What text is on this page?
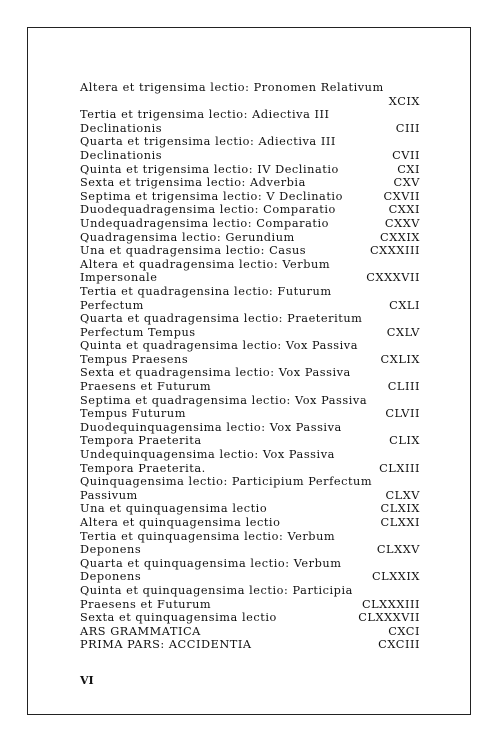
Altera et trigensima lectio: Pronomen Relativum
XCIX
Tertia et trigensima lectio: Adiectiva III
Declinationis	CIII
Quarta et trigensima lectio: Adiectiva III
Declinationis	CVII
Quinta et trigensima lectio: IV Declinatio	CXI
Sexta et trigensima lectio: Adverbia	CXV
Septima et trigensima lectio: V Declinatio	CXVII
Duodequadragensima lectio: Comparatio	CXXI
Undequadragensima lectio: Comparatio	CXXV
Quadragensima lectio: Gerundium	CXXIX
Una et quadragensima lectio: Casus	CXXXIII
Altera et quadragensima lectio: Verbum
Impersonale	CXXXVII
Tertia et quadragensina lectio: Futurum
Perfectum	CXLI
Quarta et quadragensima lectio: Praeteritum
Perfectum Tempus	CXLV
Quinta et quadragensima lectio: Vox Passiva
Tempus Praesens	CXLIX
Sexta et quadragensima lectio: Vox Passiva
Praesens et Futurum	CLIII
Septima et quadragensima lectio: Vox Passiva
Tempus Futurum	CLVII
Duodequinquagensima lectio: Vox Passiva
Tempora Praeterita	CLIX
Undequinquagensima lectio: Vox Passiva
Tempora Praeterita.	CLXIII
Quinquagensima lectio: Participium Perfectum
Passivum	CLXV
Una et quinquagensima lectio	CLXIX
Altera et quinquagensima lectio	CLXXI
Tertia et quinquagensima lectio: Verbum
Deponens	CLXXV
Quarta et quinquagensima lectio: Verbum
Deponens	CLXXIX
Quinta et quinquagensima lectio: Participia
Praesens et Futurum	CLXXXIII
Sexta et quinquagensima lectio	CLXXXVII
ARS GRAMMATICA	CXCI
PRIMA PARS: ACCIDENTIA	CXCIII
VI
